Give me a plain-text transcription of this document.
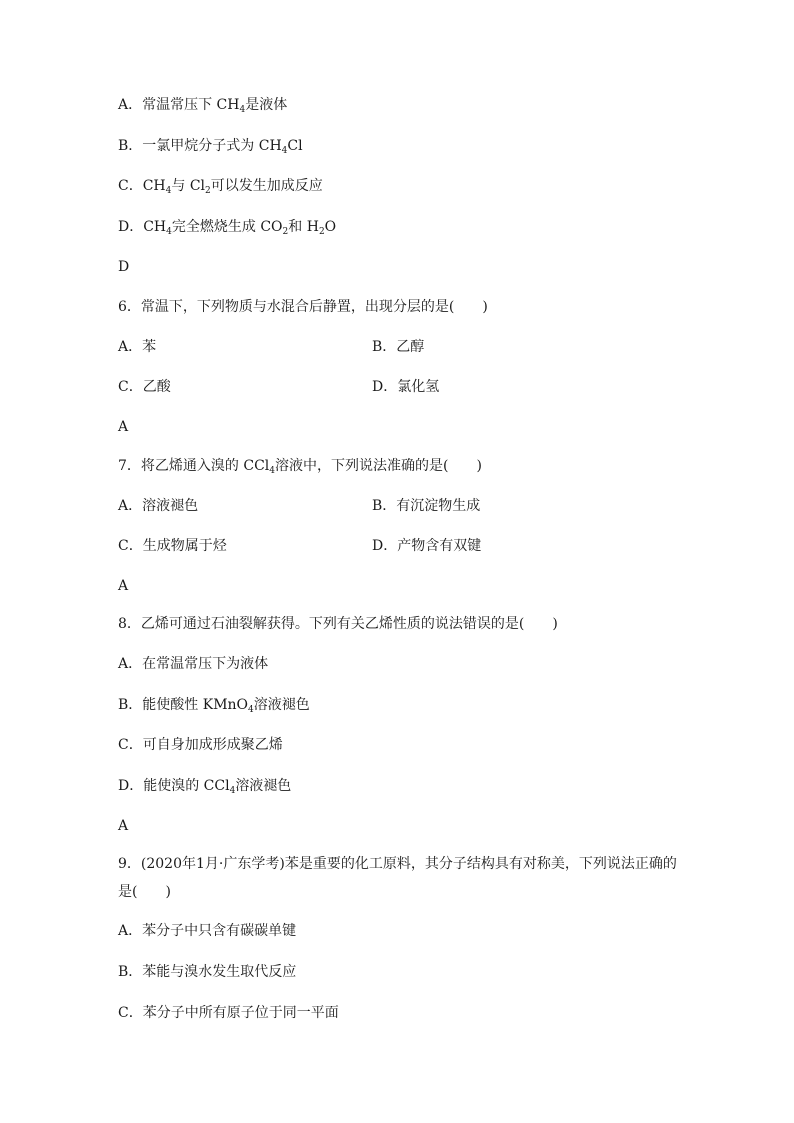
A．常温常压下 $CH_4$是液体
B．一氯甲烷分子式为 $CH_4Cl$
C．$CH_4$与 $Cl_2$可以发生加成反应
D．$CH_4$完全燃烧生成 $CO_2$和 $H_2O$
D
6．常温下，下列物质与水混合后静置，出现分层的是(　　)
A．苯	B．乙醇
C．乙酸	D．氯化氢
A
7．将乙烯通入溴的 CCl$_4$溶液中，下列说法准确的是(　　)
A．溶液褪色	B．有沉淀物生成
C．生成物属于烃	D．产物含有双键
A
8．乙烯可通过石油裂解获得。下列有关乙烯性质的说法错误的是(　　)
A．在常温常压下为液体
B．能使酸性 KMnO$_4$溶液褪色
C．可自身加成形成聚乙烯
D．能使溴的 CCl$_4$溶液褪色
A
9．(2020年1月·广东学考)苯是重要的化工原料，其分子结构具有对称美，下列说法正确的是(　　)
A．苯分子中只含有碳碳单键
B．苯能与溴水发生取代反应
C．苯分子中所有原子位于同一平面
